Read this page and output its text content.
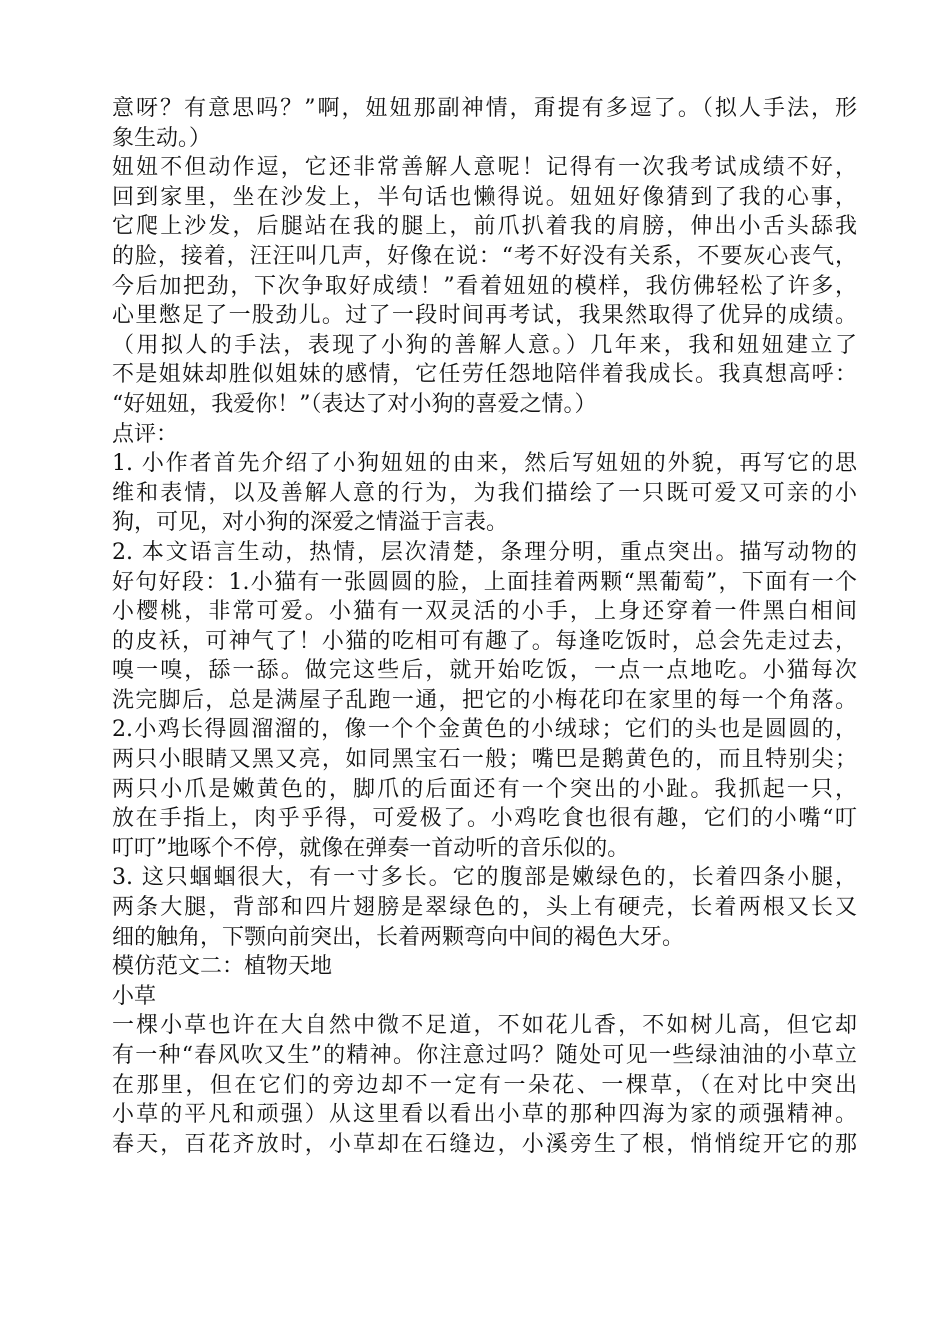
意呀？有意思吗？”啊，妞妞那副神情，甭提有多逗了。（拟人手法，形
象生动。）
妞妞不但动作逗，它还非常善解人意呢！记得有一次我考试成绩不好，
回到家里，坐在沙发上，半句话也懒得说。妞妞好像猜到了我的心事，
它爬上沙发，后腿站在我的腿上，前爪扒着我的肩膀，伸出小舌头舔我
的脸，接着，汪汪叫几声，好像在说：“考不好没有关系，不要灰心丧气，
今后加把劲，下次争取好成绩！”看着妞妞的模样，我仿佛轻松了许多，
心里憋足了一股劲儿。过了一段时间再考试，我果然取得了优异的成绩。
（用拟人的手法，表现了小狗的善解人意。）几年来，我和妞妞建立了
不是姐妹却胜似姐妹的感情，它任劳任怨地陪伴着我成长。我真想高呼：
“好妞妞，我爱你！”（表达了对小狗的喜爱之情。）
点评：
1. 小作者首先介绍了小狗妞妞的由来，然后写妞妞的外貌，再写它的思
维和表情，以及善解人意的行为，为我们描绘了一只既可爱又可亲的小
狗，可见，对小狗的深爱之情溢于言表。
2. 本文语言生动，热情，层次清楚，条理分明，重点突出。描写动物的
好句好段：1.小猫有一张圆圆的脸，上面挂着两颗“黑葡萄”，下面有一个
小樱桃，非常可爱。小猫有一双灵活的小手，上身还穿着一件黑白相间
的皮袄，可神气了！小猫的吃相可有趣了。每逢吃饭时，总会先走过去，
嗅一嗅，舔一舔。做完这些后，就开始吃饭，一点一点地吃。小猫每次
洗完脚后，总是满屋子乱跑一通，把它的小梅花印在家里的每一个角落。
2.小鸡长得圆溜溜的，像一个个金黄色的小绒球；它们的头也是圆圆的，
两只小眼睛又黑又亮，如同黑宝石一般；嘴巴是鹅黄色的，而且特别尖；
两只小爪是嫩黄色的，脚爪的后面还有一个突出的小趾。我抓起一只，
放在手指上，肉乎乎得，可爱极了。小鸡吃食也很有趣，它们的小嘴“叮
叮叮”地啄个不停，就像在弹奏一首动听的音乐似的。
3. 这只蝈蝈很大，有一寸多长。它的腹部是嫩绿色的，长着四条小腿，
两条大腿，背部和四片翅膀是翠绿色的，头上有硬壳，长着两根又长又
细的触角，下颚向前突出，长着两颗弯向中间的褐色大牙。
模仿范文二：植物天地
小草
一棵小草也许在大自然中微不足道，不如花儿香，不如树儿高，但它却
有一种“春风吹又生”的精神。你注意过吗？随处可见一些绿油油的小草立
在那里，但在它们的旁边却不一定有一朵花、一棵草，（在对比中突出
小草的平凡和顽强）从这里看以看出小草的那种四海为家的顽强精神。
春天，百花齐放时，小草却在石缝边，小溪旁生了根，悄悄绽开它的那
